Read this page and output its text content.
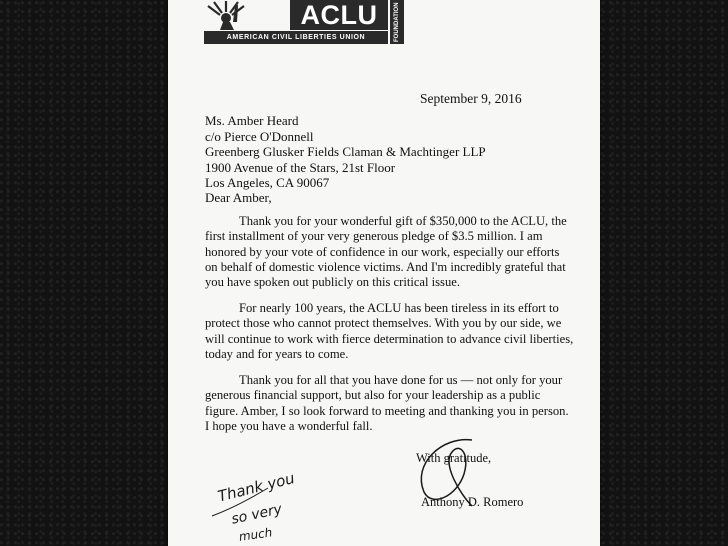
ACLU
AMERICAN CIVIL LIBERTIES UNION	FOUNDATION
September 9, 2016
Ms. Amber Heard
c/o Pierce O'Donnell
Greenberg Glusker Fields Claman & Machtinger LLP
1900 Avenue of the Stars, 21st Floor
Los Angeles, CA 90067
Dear Amber,
Thank you for your wonderful gift of $350,000 to the ACLU, the first installment of your very generous pledge of $3.5 million. I am honored by your vote of confidence in our work, especially our efforts on behalf of domestic violence victims. And I'm incredibly grateful that you have spoken out publicly on this critical issue.
For nearly 100 years, the ACLU has been tireless in its effort to protect those who cannot protect themselves. With you by our side, we will continue to work with fierce determination to advance civil liberties, today and for years to come.
Thank you for all that you have done for us — not only for your generous financial support, but also for your leadership as a public figure. Amber, I so look forward to meeting and thanking you in person. I hope you have a wonderful fall.
With gratitude,
Anthony D. Romero
Thank you
so very
much
